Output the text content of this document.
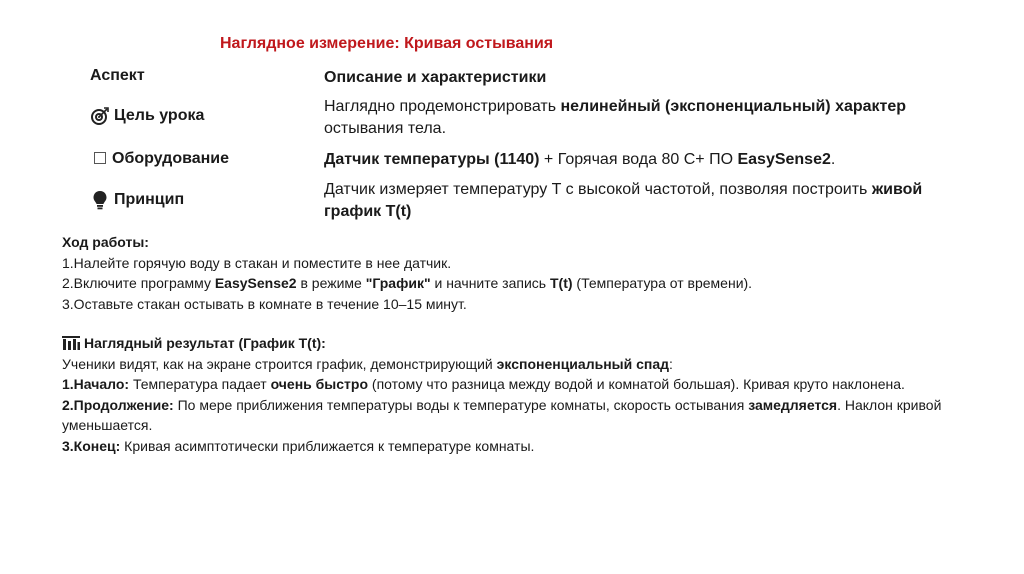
Наглядное измерение: Кривая остывания
Аспект	Описание и характеристики
Цель урока
Наглядно продемонстрировать нелинейный (экспоненциальный) характер остывания тела.
Оборудование	Датчик температуры (1140) + Горячая вода 80 С+ ПО EasySense2.
Принцип
Датчик измеряет температуру T с высокой частотой, позволяя построить живой график T(t)
Ход работы:
1.Налейте горячую воду в стакан и поместите в нее датчик.
2.Включите программу EasySense2 в режиме "График" и начните запись T(t) (Температура от времени).
3.Оставьте стакан остывать в комнате в течение 10–15 минут.
Наглядный результат (График T(t):
Ученики видят, как на экране строится график, демонстрирующий экспоненциальный спад:
1.Начало: Температура падает очень быстро (потому что разница между водой и комнатой большая). Кривая круто наклонена.
2.Продолжение: По мере приближения температуры воды к температуре комнаты, скорость остывания замедляется. Наклон кривой уменьшается.
3.Конец: Кривая асимптотически приближается к температуре комнаты.
